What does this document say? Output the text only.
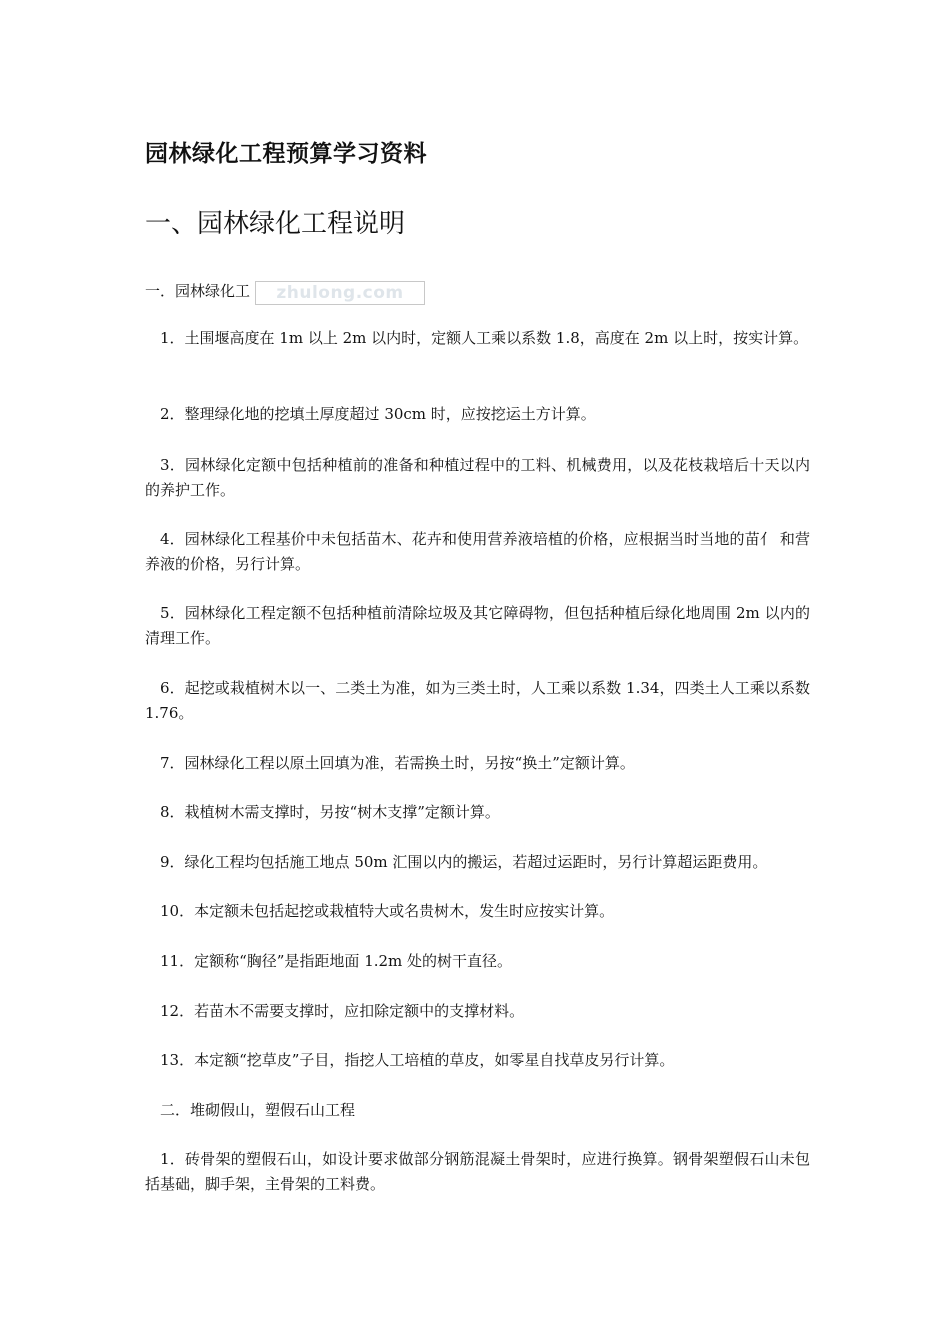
园林绿化工程预算学习资料
一、园林绿化工程说明

一．园林绿化工	zhulong.com

1．土围堰高度在 1m 以上 2m 以内时，定额人工乘以系数 1.8，高度在 2m 以上时，按实计算。

2．整理绿化地的挖填土厚度超过 30cm 时，应按挖运土方计算。

3．园林绿化定额中包括种植前的准备和种植过程中的工料、机械费用，以及花枝栽培后十天以内的养护工作。

4．园林绿化工程基价中未包括苗木、花卉和使用营养液培植的价格，应根据当时当地的苗亻 和营养液的价格，另行计算。

5．园林绿化工程定额不包括种植前清除垃圾及其它障碍物，但包括种植后绿化地周围 2m 以内的清理工作。

6．起挖或栽植树木以一、二类土为准，如为三类土时，人工乘以系数 1.34，四类土人工乘以系数 1.76。

7．园林绿化工程以原土回填为准，若需换土时，另按“换土”定额计算。

8．栽植树木需支撑时，另按“树木支撑”定额计算。

9．绿化工程均包括施工地点 50m 汇围以内的搬运，若超过运距时，另行计算超运距费用。

10．本定额未包括起挖或栽植特大或名贵树木，发生时应按实计算。

11．定额称“胸径”是指距地面 1.2m 处的树干直径。

12．若苗木不需要支撑时，应扣除定额中的支撑材料。

13．本定额“挖草皮”子目，指挖人工培植的草皮，如零星自找草皮另行计算。

二．堆砌假山，塑假石山工程

1．砖骨架的塑假石山，如设计要求做部分钢筋混凝土骨架时，应进行换算。钢骨架塑假石山未包括基础，脚手架，主骨架的工料费。
